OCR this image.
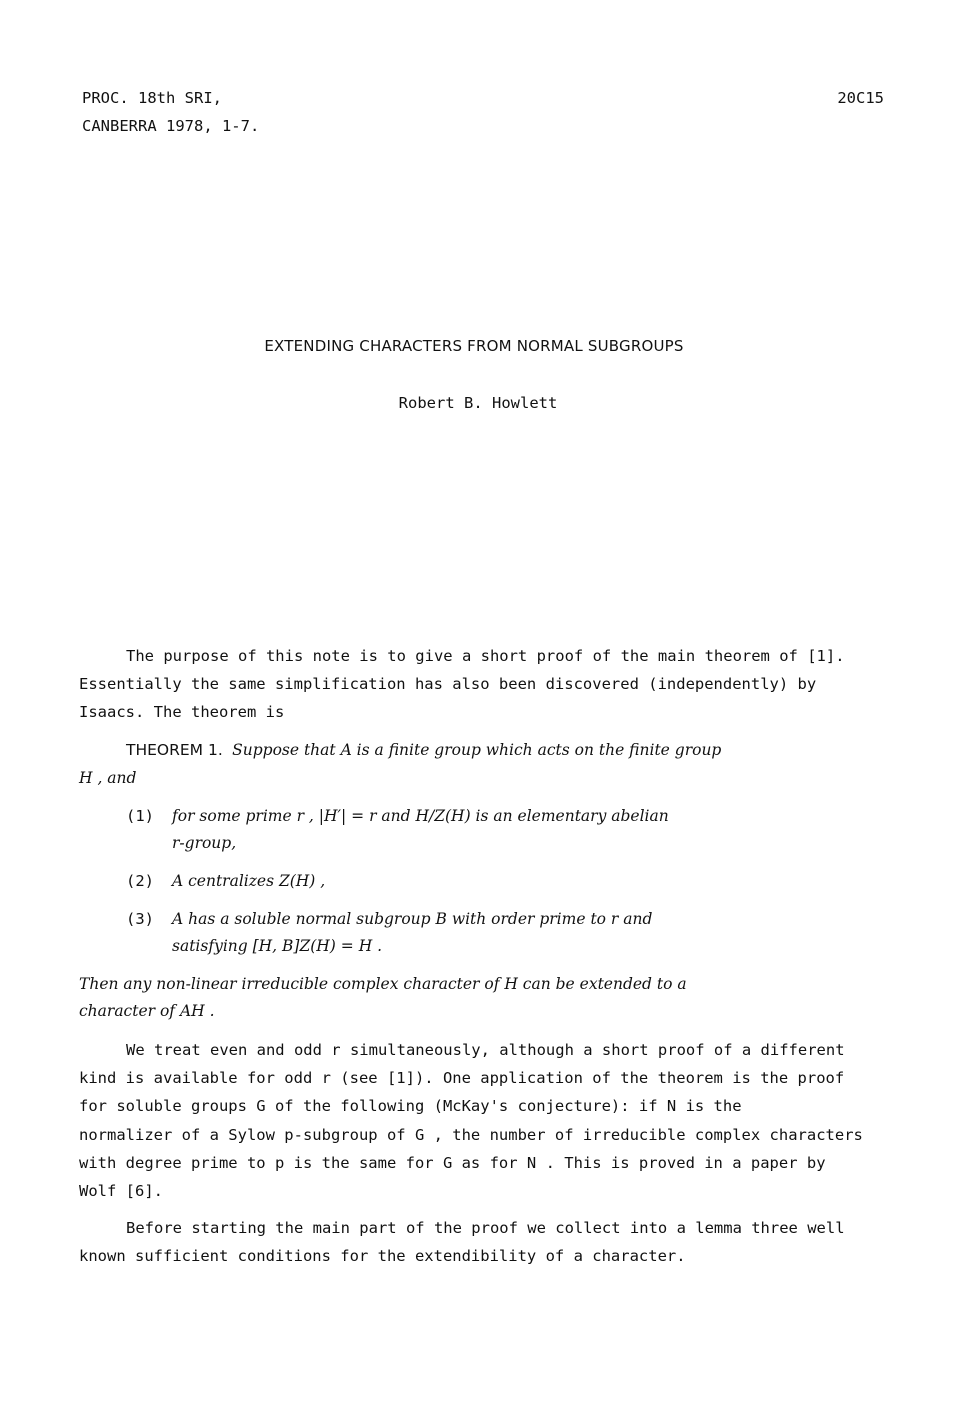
PROC. 18th SRI,
CANBERRA 1978, 1-7.
20C15
EXTENDING CHARACTERS FROM NORMAL SUBGROUPS
Robert B. Howlett
The purpose of this note is to give a short proof of the main theorem of [1].
Essentially the same simplification has also been discovered (independently) by
Isaacs. The theorem is
THEOREM 1. Suppose that A is a finite group which acts on the finite group
H , and
(1) for some prime r , |H′| = r and H/Z(H) is an elementary abelian
r-group,
(2) A centralizes Z(H) ,
(3) A has a soluble normal subgroup B with order prime to r and
satisfying [H, B]Z(H) = H .
Then any non-linear irreducible complex character of H can be extended to a
character of AH .
We treat even and odd r simultaneously, although a short proof of a different
kind is available for odd r (see [1]). One application of the theorem is the proof
for soluble groups G of the following (McKay's conjecture): if N is the
normalizer of a Sylow p-subgroup of G , the number of irreducible complex characters
with degree prime to p is the same for G as for N . This is proved in a paper by
Wolf [6].
Before starting the main part of the proof we collect into a lemma three well
known sufficient conditions for the extendibility of a character.
